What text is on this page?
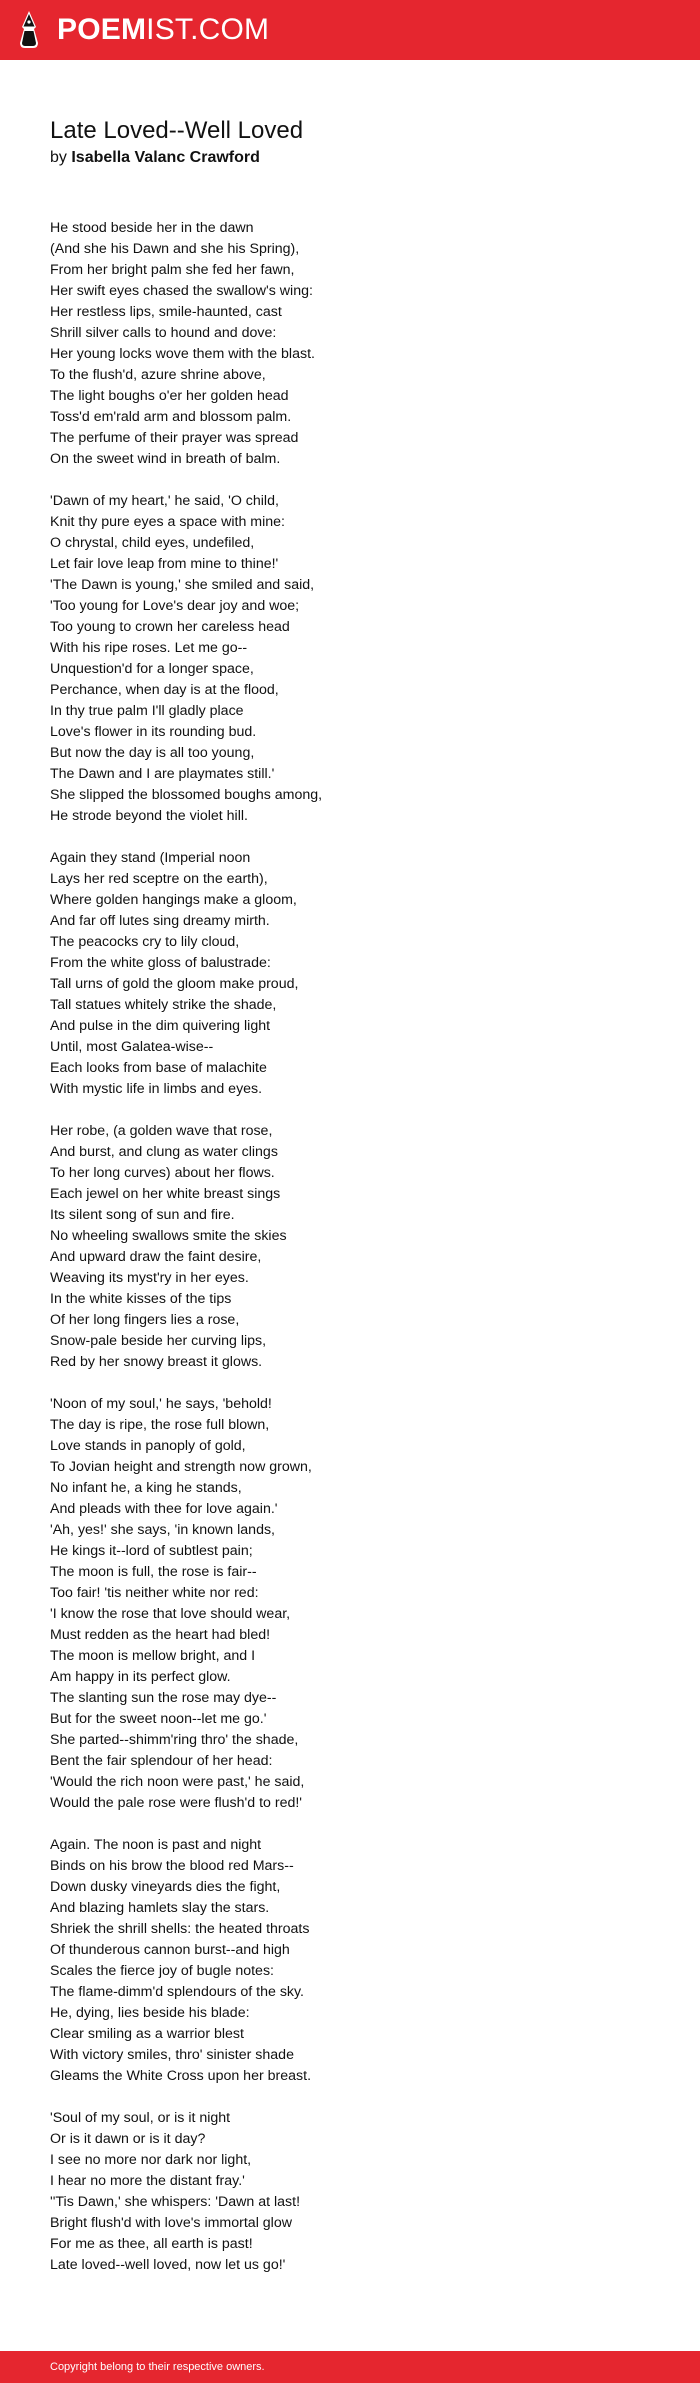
POEMIST.COM
Late Loved--Well Loved
by Isabella Valanc Crawford
He stood beside her in the dawn
(And she his Dawn and she his Spring),
From her bright palm she fed her fawn,
Her swift eyes chased the swallow's wing:
Her restless lips, smile-haunted, cast
Shrill silver calls to hound and dove:
Her young locks wove them with the blast.
To the flush'd, azure shrine above,
The light boughs o'er her golden head
Toss'd em'rald arm and blossom palm.
The perfume of their prayer was spread
On the sweet wind in breath of balm.
'Dawn of my heart,' he said, 'O child,
Knit thy pure eyes a space with mine:
O chrystal, child eyes, undefiled,
Let fair love leap from mine to thine!'
'The Dawn is young,' she smiled and said,
'Too young for Love's dear joy and woe;
Too young to crown her careless head
With his ripe roses. Let me go--
Unquestion'd for a longer space,
Perchance, when day is at the flood,
In thy true palm I'll gladly place
Love's flower in its rounding bud.
But now the day is all too young,
The Dawn and I are playmates still.'
She slipped the blossomed boughs among,
He strode beyond the violet hill.
Again they stand (Imperial noon
Lays her red sceptre on the earth),
Where golden hangings make a gloom,
And far off lutes sing dreamy mirth.
The peacocks cry to lily cloud,
From the white gloss of balustrade:
Tall urns of gold the gloom make proud,
Tall statues whitely strike the shade,
And pulse in the dim quivering light
Until, most Galatea-wise--
Each looks from base of malachite
With mystic life in limbs and eyes.
Her robe, (a golden wave that rose,
And burst, and clung as water clings
To her long curves) about her flows.
Each jewel on her white breast sings
Its silent song of sun and fire.
No wheeling swallows smite the skies
And upward draw the faint desire,
Weaving its myst'ry in her eyes.
In the white kisses of the tips
Of her long fingers lies a rose,
Snow-pale beside her curving lips,
Red by her snowy breast it glows.
'Noon of my soul,' he says, 'behold!
The day is ripe, the rose full blown,
Love stands in panoply of gold,
To Jovian height and strength now grown,
No infant he, a king he stands,
And pleads with thee for love again.'
'Ah, yes!' she says, 'in known lands,
He kings it--lord of subtlest pain;
The moon is full, the rose is fair--
Too fair! 'tis neither white nor red:
'I know the rose that love should wear,
Must redden as the heart had bled!
The moon is mellow bright, and I
Am happy in its perfect glow.
The slanting sun the rose may dye--
But for the sweet noon--let me go.'
She parted--shimm'ring thro' the shade,
Bent the fair splendour of her head:
'Would the rich noon were past,' he said,
Would the pale rose were flush'd to red!'
Again. The noon is past and night
Binds on his brow the blood red Mars--
Down dusky vineyards dies the fight,
And blazing hamlets slay the stars.
Shriek the shrill shells: the heated throats
Of thunderous cannon burst--and high
Scales the fierce joy of bugle notes:
The flame-dimm'd splendours of the sky.
He, dying, lies beside his blade:
Clear smiling as a warrior blest
With victory smiles, thro' sinister shade
Gleams the White Cross upon her breast.
'Soul of my soul, or is it night
Or is it dawn or is it day?
I see no more nor dark nor light,
I hear no more the distant fray.'
''Tis Dawn,' she whispers: 'Dawn at last!
Bright flush'd with love's immortal glow
For me as thee, all earth is past!
Late loved--well loved, now let us go!'
Copyright belong to their respective owners.
